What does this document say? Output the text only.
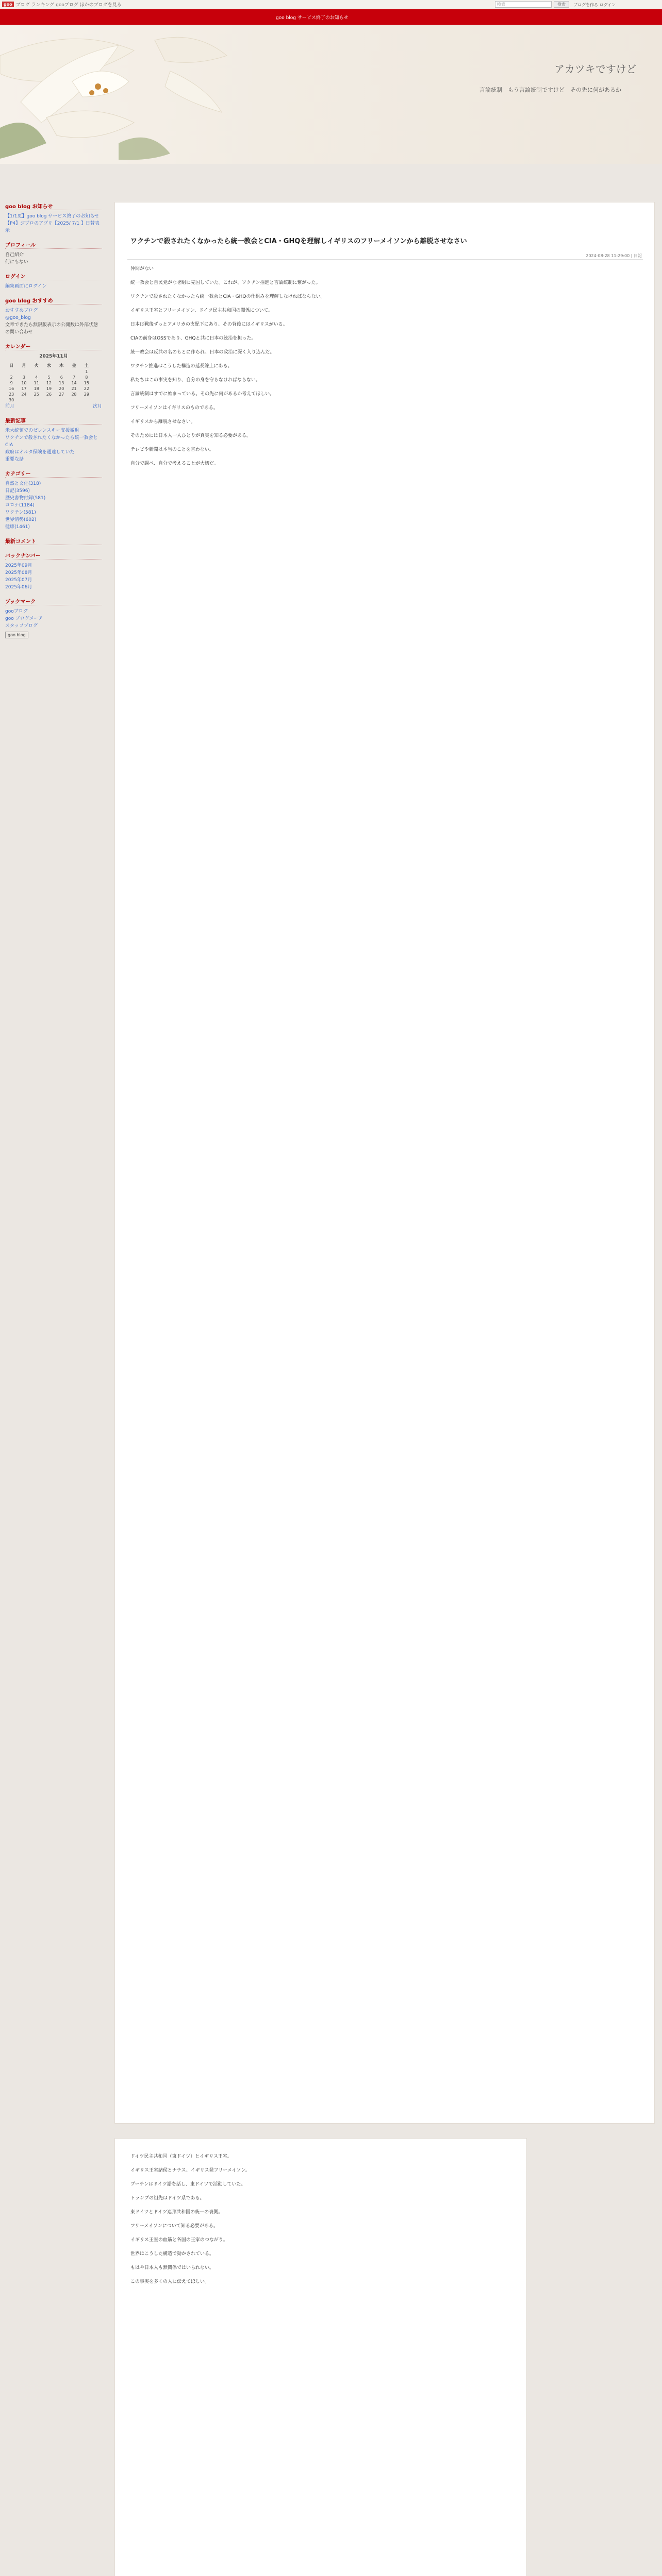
goo ブログ ランキング gooブログ ほかのブログを見る	検索	検索	ブログを作る ログイン
goo blog サービス終了のお知らせ
アカツキですけど
言論統制　もう言論統制ですけど　その先に何があるか
goo blog お知らせ
【1/1更】goo blog サービス終了のお知らせ
【P4】ジプロのアプリ【2025/ 7/1 】日替表示
プロフィール
自己紹介
何にもない
ログイン
編集画面にログイン
goo blog おすすめ
おすすめブログ
@goo_blog
文章できたら無限版表示の公開数は外部状態の問い合わせ
カレンダー
2025年11月
日	月	火	水	木	金	土
						1
2	3	4	5	6	7	8
9	10	11	12	13	14	15
16	17	18	19	20	21	22
23	24	25	26	27	28	29
30						
前月	次月
最新記事
米大統領でのゼレンスキー支援撤退
ワクチンで殺されたくなかったら統一教会とCIA
政府はオルタ保険を通達していた
重要な話
カテゴリー
自然と文化(318)
日記(3596)
歴史書物付録(581)
コロナ(1184)
ワクチン(581)
世界情勢(602)
健康(1461)
最新コメント
バックナンバー
2025年09月
2025年08月
2025年07月
2025年06月
ブックマーク
gooブログ
goo ブログメーア
スタッフブログ
goo blog
ワクチンで殺されたくなかったら統一教会とCIA・GHQを理解しイギリスのフリーメイソンから離脱させなさい
2024-08-28 11:29:00 | 日記

仲間がない

統一教会と自民党がなぜ組に売国していた。これが、ワクチン推進と言論統制に繋がった。

ワクチンで殺されたくなかったら統一教会とCIA・GHQの仕組みを理解しなければならない。

イギリス王室とフリーメイソン、ドイツ民主共和国の関係について。

日本は戦後ずっとアメリカの支配下にあり、その背後にはイギリスがいる。

CIAの前身はOSSであり、GHQと共に日本の統治を担った。

統一教会は反共の名のもとに作られ、日本の政治に深く入り込んだ。

ワクチン推進はこうした構造の延長線上にある。

私たちはこの事実を知り、自分の身を守らなければならない。

言論統制はすでに始まっている。その先に何があるか考えてほしい。

フリーメイソンはイギリスのものである。

イギリスから離脱させなさい。

そのためには日本人一人ひとりが真実を知る必要がある。

テレビや新聞は本当のことを言わない。

自分で調べ、自分で考えることが大切だ。

ドイツ民主共和国（東ドイツ）とイギリス王室。

イギリス王室諸侯とナチス、イギリス発フリーメイソン。

プーチンはドイツ語を話し、東ドイツで活動していた。

トランプの祖先はドイツ系である。

東ドイツとドイツ連邦共和国の統一の裏側。

フリーメイソンについて知る必要がある。

イギリス王室の血筋と各国の王家のつながり。

世界はこうした構造で動かされている。

もはや日本人も無関係ではいられない。

この事実を多くの人に伝えてほしい。
